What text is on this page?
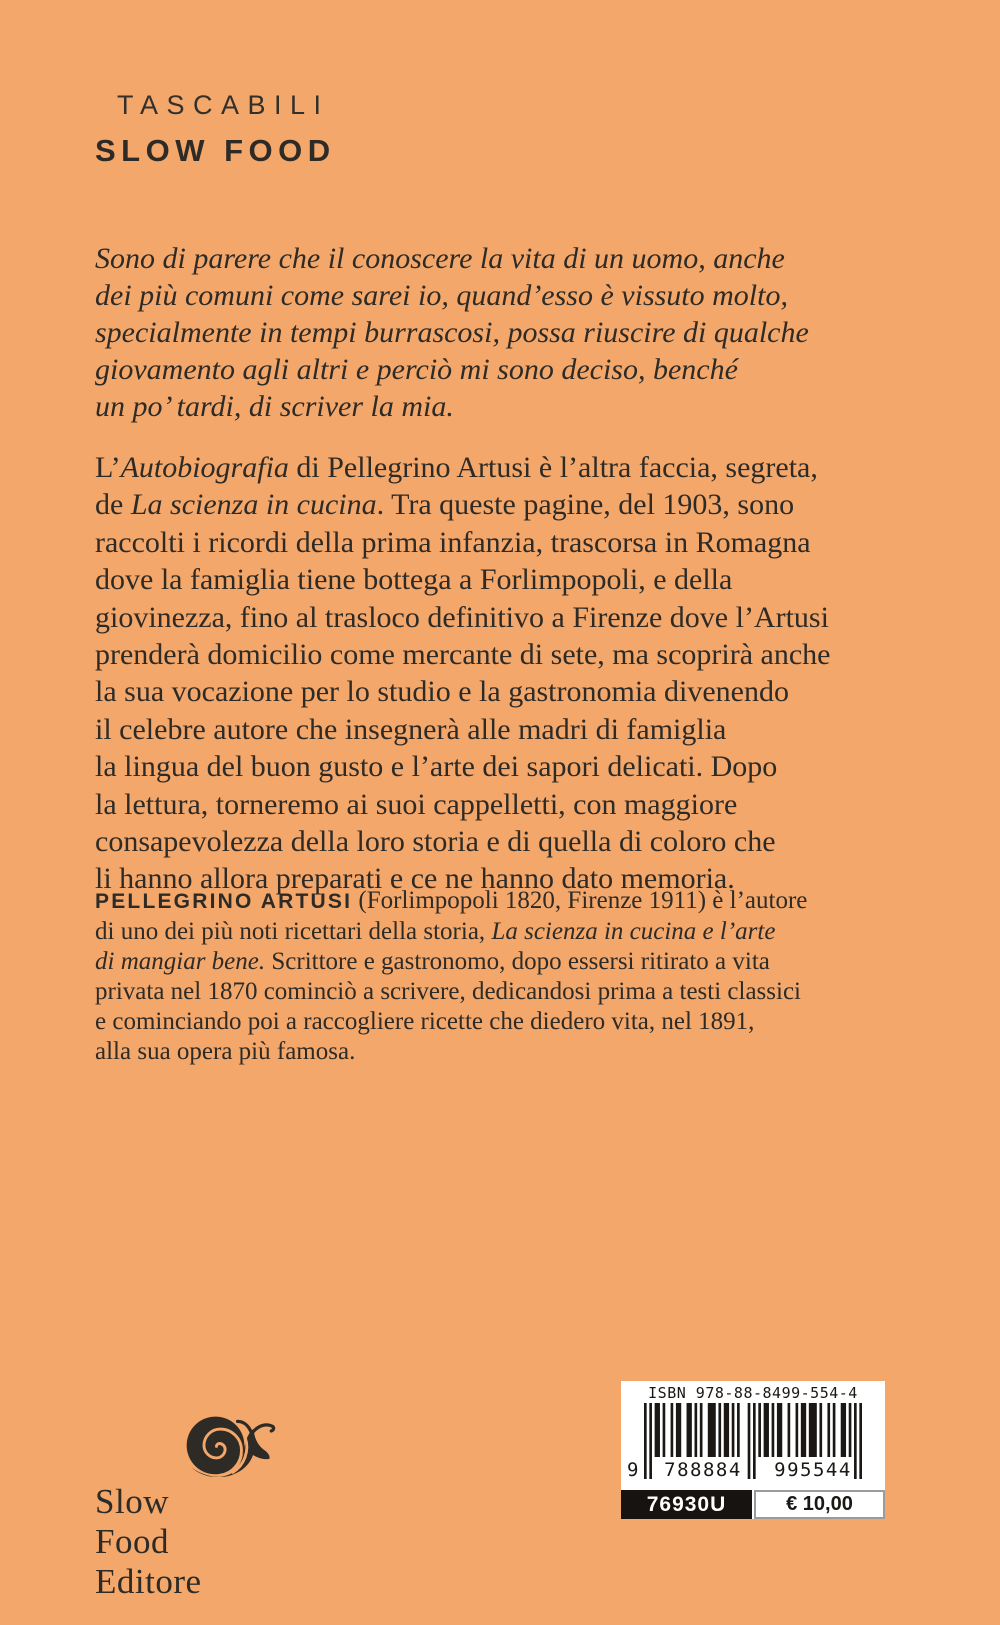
TASCABILI
SLOW FOOD
Sono di parere che il conoscere la vita di un uomo, anche
dei più comuni come sarei io, quand’esso è vissuto molto,
specialmente in tempi burrascosi, possa riuscire di qualche
giovamento agli altri e perciò mi sono deciso, benché
un po’ tardi, di scriver la mia.
L’Autobiografia di Pellegrino Artusi è l’altra faccia, segreta,
de La scienza in cucina. Tra queste pagine, del 1903, sono
raccolti i ricordi della prima infanzia, trascorsa in Romagna
dove la famiglia tiene bottega a Forlimpopoli, e della
giovinezza, fino al trasloco definitivo a Firenze dove l’Artusi
prenderà domicilio come mercante di sete, ma scoprirà anche
la sua vocazione per lo studio e la gastronomia divenendo
il celebre autore che insegnerà alle madri di famiglia
la lingua del buon gusto e l’arte dei sapori delicati. Dopo
la lettura, torneremo ai suoi cappelletti, con maggiore
consapevolezza della loro storia e di quella di coloro che
li hanno allora preparati e ce ne hanno dato memoria.
PELLEGRINO ARTUSI (Forlimpopoli 1820, Firenze 1911) è l’autore
di uno dei più noti ricettari della storia, La scienza in cucina e l’arte
di mangiar bene. Scrittore e gastronomo, dopo essersi ritirato a vita
privata nel 1870 cominciò a scrivere, dedicandosi prima a testi classici
e cominciando poi a raccogliere ricette che diedero vita, nel 1891,
alla sua opera più famosa.
Slow Food Editore
ISBN 978-88-8499-554-4
9	788884	995544
76930U	€ 10,00
